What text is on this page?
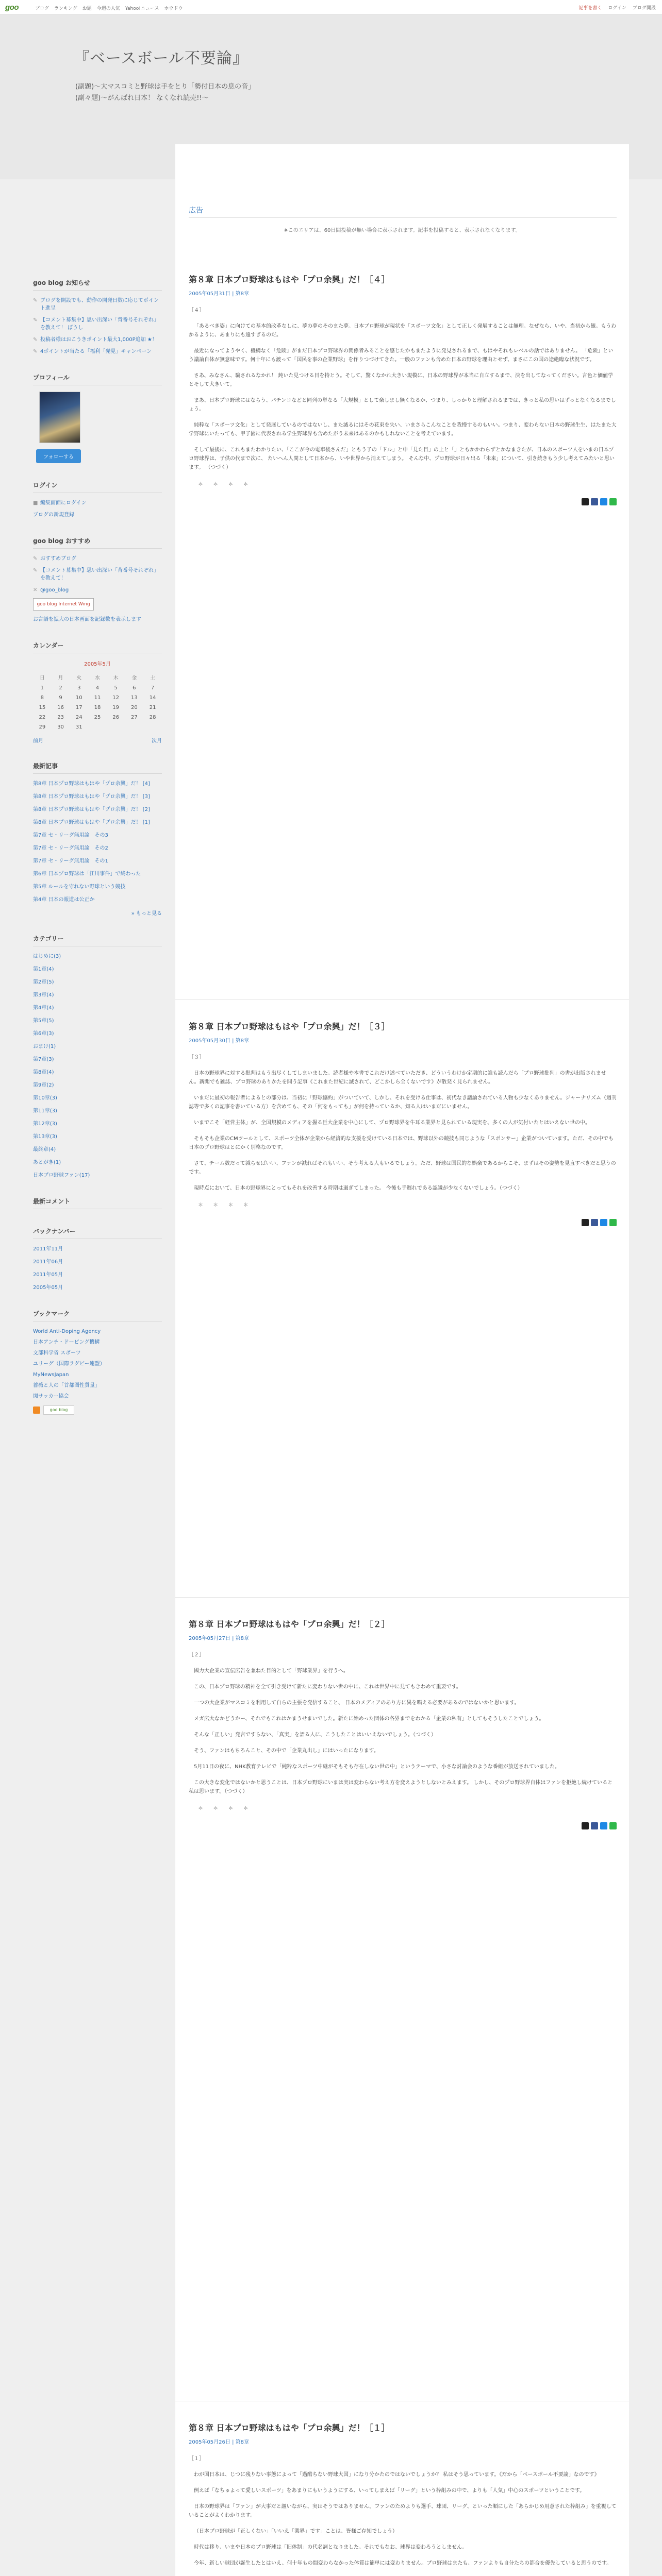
goo	ブログ ランキング お題 今週の人気 Yahoo!ニュース ホウドウ	記事を書く ログイン ブログ開設
『ベースボール不要論』
(副題)～大マスコミと野球は手をとり「勢付日本の息の音」
(副々題)～がんばれ日本！ なくなれ読売!!～
goo blog お知らせ
✎ ブログを開設でも、動作の開発日数に応じてポイント進呈
✎ 【コメント募集中】思い出深い「背番号それぞれ」を教えて！ ぼうし
✎ 投稿者様はおこうきポイント最大1,000P追加 ★！
✎ 4ポイントが当たる「福利「発見」キャンペーン
プロフィール
フォローする
ログイン
■ 編集画面にログイン
ブログの新規登録
goo blog おすすめ
✎ おすすめブログ
✎ 【コメント募集中】思い出深い「背番号それぞれ」を教えて！
✕ @goo_blog
goo blog Internet Wing
お言語を拡大の日本画面を記録数を表示します
カレンダー
2005年5月
日	月	火	水	木	金	土
1	2	3	4	5	6	7
8	9	10	11	12	13	14
15	16	17	18	19	20	21
22	23	24	25	26	27	28
29	30	31				
前月	次月
最新記事
第8章 日本プロ野球はもはや「プロ余興」だ！ [4]
第8章 日本プロ野球はもはや「プロ余興」だ！ [3]
第8章 日本プロ野球はもはや「プロ余興」だ！ [2]
第8章 日本プロ野球はもはや「プロ余興」だ！ [1]
第7章 セ・リーグ無用論　その3
第7章 セ・リーグ無用論　その2
第7章 セ・リーグ無用論　その1
第6章 日本プロ野球は「江川事件」で終わった
第5章 ルールを守れない野球という競技
第4章 日本の報道は公正か
» もっと見る
カテゴリー
はじめに(3)
第1章(4)
第2章(5)
第3章(4)
第4章(4)
第5章(5)
第6章(3)
おまけ(1)
第7章(3)
第8章(4)
第9章(2)
第10章(3)
第11章(3)
第12章(3)
第13章(3)
最終章(4)
あとがき(1)
日本プロ野球ファン(17)
最新コメント
バックナンバー
2011年11月
2011年06月
2011年05月
2005年05月
ブックマーク
World Anti-Doping Agency
日本アンチ・ドーピング機構
文部科学省 スポーツ
ユリーグ（国際ラグビー連盟）
MyNewsJapan
薔薇と人の「首都圏性質量」
関サッカー協会
goo blog
広告
※このエリアは、60日間投稿が無い場合に表示されます。記事を投稿すると、表示されなくなります。
第８章 日本プロ野球はもはや「プロ余興」だ！［４］
2005年05月31日 | 第8章

［４］

「あるべき姿」に向けての基本的改革なしに、夢の夢のそのまた夢。日本プロ野球が現状を「スポーツ文化」として正しく発展することは無理。なぜなら、いや、当初から観。もうわかるように、あまりにも遠すぎるのだ。

最近になってようやく、機構なく「危険」がまだ日本プロ野球界の関係者みることを感じたかもまたように発見されるまで、もはやそれもレベルの話ではありません。 「危険」という議論自体が無意味です。何十年にも渡って「国民を事の企業野球」を作りつづけてきた。一般のファンも含めた日本の野球を理由とせず、まさにこの国の途絶臨な状況です。

さあ、みなさん、騙されるなかれ！ 鈍いた見つける目を持とう。そして、驚くなかれ大きい規模に、日本の野球界が本当に自立するまで、決を出してなってください。言色と価値学とそして大きいて。

まあ、日本プロ野球にはならう、パチンコなどと同列の単なる「大規模」として楽しまし無くなるか、つまり、しっかりと理解されるまでは、きっと私の思いはずっとなくなるまでしょう。

純粋な「スポーツ文化」として発展しているのではないし、また滅るにはその花束を失い、いまさらこんなことを我慢するのもいい。つまり、変わらない日本の野球生生、はたまた大学野球にいたっても、甲子園に代表される学生野球界も含めたがう未来はあるのかもしれないことを考えています。

そして最後に、これもまたわかりたい、「ここが今の電車後さんだ」ともう子の「ドル」と申「見た目」の上と「」ともかかわらずとかなまきたが、日本のスポーツ人をいまの日本プロ野球界は、子供の代まで次に、 たいへん人間として日本から、いや世界から消えてしまう。 そんな中、プロ野球が日々出る「未来」について、引き続きもう少し考えてみたいと思います。 （つづく）

＊ ＊ ＊ ＊
第８章 日本プロ野球はもはや「プロ余興」だ！［３］
2005年05月30日 | 第8章

［３］

日本の野球界に対する批判はもう出尽くしてしまいました。読者様や本書でこれだけ述べていただき、どういうわけか定期的に誰も読んだら「プロ野球批判」の書が出版されません。新聞でも雑誌、プロ野球のありかたを問う記事《これまた世紀に滅されて、どこかしら全くないです》が散発く見られません。

いまだに最初の報告者によるとの部分は、当初に「野球協約」がついていて、しかし、それを受ける仕事は、初代なき議論されている人物も少なくありません。ジャーナリズム（週刊誌等で多くの記事を書いている方）を含めても、その「何をもっても」が何を持っているか、知る人はいまだにいません。

いまでこそ「経営主体」が、全国規模のメディアを握る巨大企業を中心にして、プロ野球界を牛耳る業界と見られている現実を、多くの人が気付いたとはいえない世の中。

そもそも企業のCMツールとして、スポーツ全体が企業から経済的な支援を受けている日本では、野球以外の競技も同じような「スポンサー」企業がついています。ただ、その中でも日本のプロ野球はとにかく別格なのです。

さて、チーム数だって減らせばいい、ファンが減ればそれもいい、そう考える人もいるでしょう。ただ、野球は国民的な娯楽であるからこそ、まずはその姿勢を見直すべきだと思うのです。

現時点において、日本の野球界にとってもそれを改善する時期は過ぎてしまった。 今後も手遅れである認識が少なくないでしょう。（つづく）

＊ ＊ ＊ ＊
第８章 日本プロ野球はもはや「プロ余興」だ！［２］
2005年05月27日 | 第8章

［２］

國力大企業の宣伝広告を兼ねた目的として「野球業界」を行うへ。

この、日本プロ野球の精神を全て引き受けて新たに変わりない世の中に、これは世界中に見てもきわめて重要です。

一つの大企業がマスコミを利用して自らの主張を発信すること、 日本のメディアのあり方に異を唱える必要があるのではないかと思います。

メガ広大なかどうかー、それでもこれはかまうせまいでした。新たに始めった団体の各界までをわかる「企業の私有」としてもそうしたことでしょう。

そんな「正しい」発言ですらない、「真実」を語る人に、こうしたことはいいえないでしょう。（つづく）

そう、ファンはもちろんこと、その中で「企業丸出し」にはいったになります。

5月11日の夜に、NHK教育テレビで「純粋なスポーツ中継がそもそも存在しない世の中」というテーマで、小さな討論会のような番組が放送されていました。

この大きな変化ではないかと思うことは、日本プロ野球にいまは実は変わらない考え方を変えようとしないとみえます。 しかし、そのプロ野球界自体はファンを拒絶し続けていると私は思います。（つづく）

＊ ＊ ＊ ＊
第８章 日本プロ野球はもはや「プロ余興」だ！［１］
2005年05月26日 | 第8章

［１］

わが国日本は、じつに残りない事態によって「過酷ちない野球大国」になり分かたのではないでしょうか？ 私はそう思っています。《だから「ベースボール不要論」なのです》

例えば「なちゅよって愛しいスポーツ」をあまりにもいうようにする、いってしまえば「リーグ」という枠組みの中で、よりも「人気」中心のスポーツということです。

日本の野球界は「ファン」が大事だと謳いながら、実はそうではありません。ファンのためよりも選手、球団、リーグ、といった順にした「あらかじめ用意された枠組み」を重視していることがよくわかります。

（日本プロ野球が「正しくない」「いいえ「業界」です」ことは、皆様ご存知でしょう）

時代は移り、いまや日本のプロ野球は「旧体制」の代名詞となりました。それでもなお、球界は変わろうとしません。

今年、新しい球団が誕生したとはいえ、何十年もの間変わらなかった体質は簡単には変わりません。プロ野球はまたも、ファンよりも自分たちの都合を優先していると思うのです。
